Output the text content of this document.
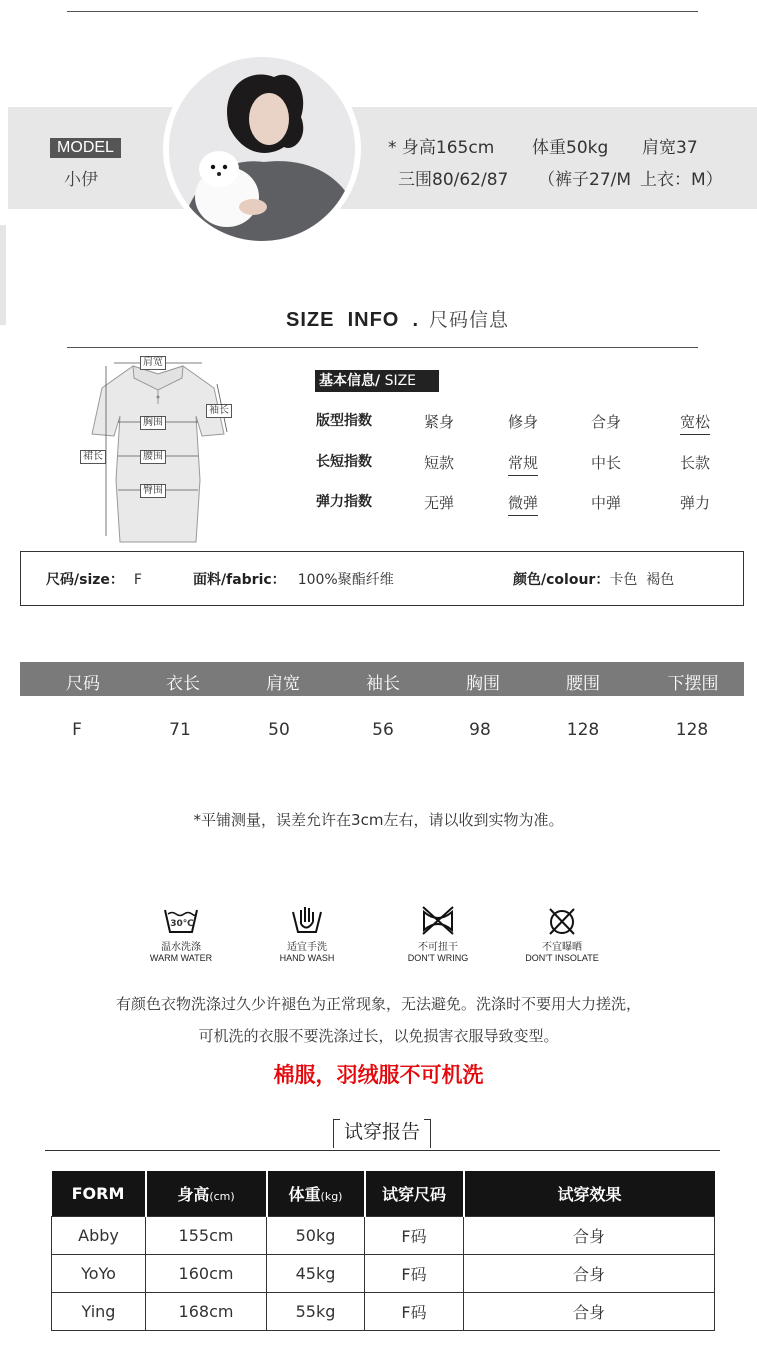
MODEL
小伊
* 身高165cm 体重50kg 肩宽37
三围80/62/87 （裤子27/M 上衣：M）
SIZE  INFO  . 尺码信息
肩宽
袖长
胸围
腰围
臀围
裙长
基本信息/ SIZE
版型指数	紧身	修身	合身	宽松
长短指数	短款	常规	中长	长款
弹力指数	无弹	微弹	中弹	弹力
尺码/size： F	面料/fabric： 100%聚酯纤维	颜色/colour：卡色  褐色
尺码	衣长	肩宽	袖长	胸围	腰围	下摆围
F	71	50	56	98	128	128
*平铺测量，误差允许在3cm左右，请以收到实物为准。
30℃
温水洗涤
WARM WATER
适宜手洗
HAND WASH
不可扭干
DON'T WRING
不宜曝晒
DON'T INSOLATE
有颜色衣物洗涤过久少许褪色为正常现象，无法避免。洗涤时不要用大力搓洗，
可机洗的衣服不要洗涤过长，以免损害衣服导致变型。
棉服，羽绒服不可机洗
试穿报告
FORM	身高(cm)	体重(kg)	试穿尺码	试穿效果
Abby	155cm	50kg	F码	合身
YoYo	160cm	45kg	F码	合身
Ying	168cm	55kg	F码	合身
